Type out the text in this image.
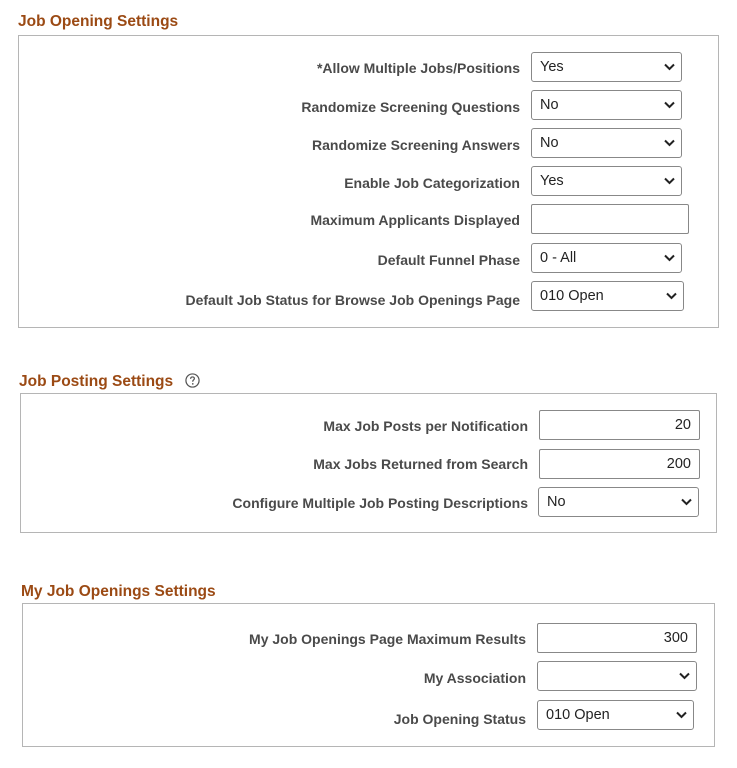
Job Opening Settings
*Allow Multiple Jobs/Positions	Yes
Randomize Screening Questions	No
Randomize Screening Answers	No
Enable Job Categorization	Yes
Maximum Applicants Displayed
Default Funnel Phase	0 - All
Default Job Status for Browse Job Openings Page	010 Open
Job Posting Settings
Max Job Posts per Notification	20
Max Jobs Returned from Search	200
Configure Multiple Job Posting Descriptions	No
My Job Openings Settings
My Job Openings Page Maximum Results	300
My Association
Job Opening Status	010 Open
